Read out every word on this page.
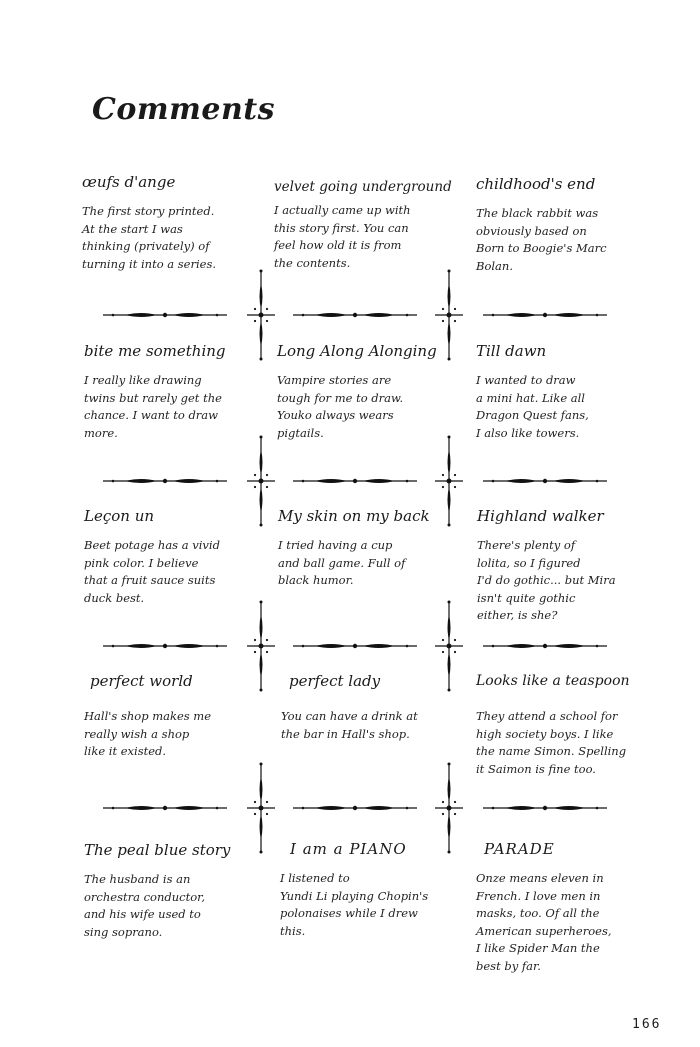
Comments

œufs d'ange

The first story printed.
At the start I was
thinking (privately) of
turning it into a series.

velvet going underground

I actually came up with
this story first. You can
feel how old it is from
the contents.

childhood's end

The black rabbit was
obviously based on
Born to Boogie's Marc
Bolan.

bite me something

I really like drawing
twins but rarely get the
chance. I want to draw
more.

Long Along Alonging

Vampire stories are
tough for me to draw.
Youko always wears
pigtails.

Till dawn

I wanted to draw
a mini hat. Like all
Dragon Quest fans,
I also like towers.

Leçon un

Beet potage has a vivid
pink color. I believe
that a fruit sauce suits
duck best.

My skin on my back

I tried having a cup
and ball game. Full of
black humor.

Highland walker

There's plenty of
lolita, so I figured
I'd do gothic... but Mira
isn't quite gothic
either, is she?

perfect world

Hall's shop makes me
really wish a shop
like it existed.

perfect lady

You can have a drink at
the bar in Hall's shop.

Looks like a teaspoon

They attend a school for
high society boys. I like
the name Simon. Spelling
it Saimon is fine too.

The peal blue story

The husband is an
orchestra conductor,
and his wife used to
sing soprano.

I am a PIANO

I listened to
Yundi Li playing Chopin's
polonaises while I drew
this.

PARADE

Onze means eleven in
French. I love men in
masks, too. Of all the
American superheroes,
I like Spider Man the
best by far.

166
